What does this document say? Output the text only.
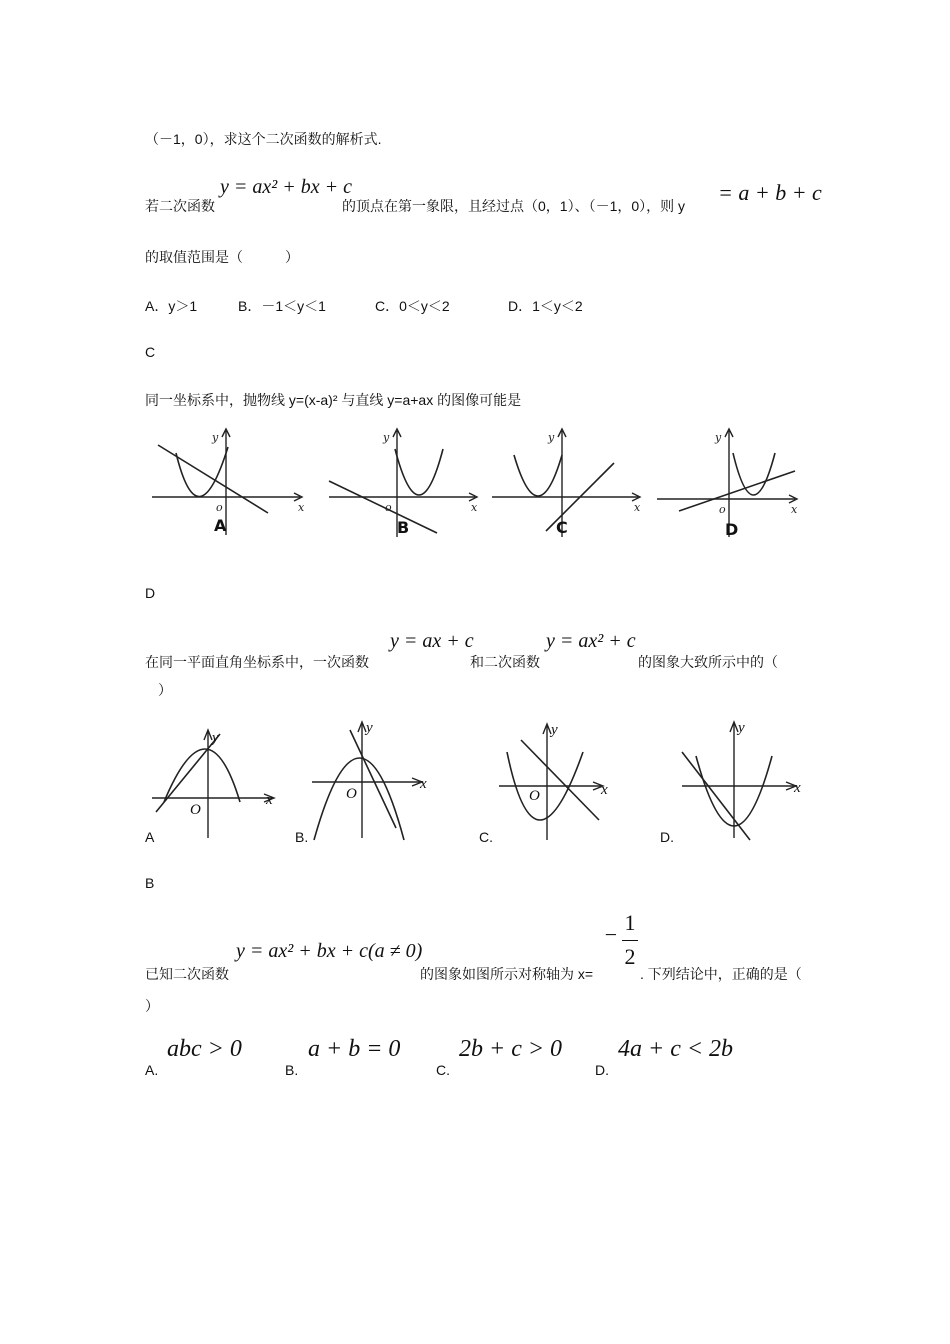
（－1，0），求这个二次函数的解析式.
若二次函数
y = ax² + bx + c
的顶点在第一象限，且经过点（0，1）、（－1，0），则 y
= a + b + c
的取值范围是（　　　）
A．y＞1	B．－1＜y＜1	C．0＜y＜2	D．1＜y＜2
C
同一坐标系中，抛物线 y=(x-a)² 与直线 y=a+ax 的图像可能是
y
o	x
A
y
o	x
B
y
x
C
y
o	x
D
D
在同一平面直角坐标系中，一次函数
y = ax + c
和二次函数
y = ax² + c
的图象大致所示中的（
）
y
O
x
A
y
O
x
B.
y
O	x
C.
y
x
D.
B
已知二次函数
y = ax² + bx + c(a ≠ 0)
的图象如图所示对称轴为 x=
− 1
2
. 下列结论中，正确的是（
）
A.
abc > 0
B.
a + b = 0
C.
2b + c > 0
D.
4a + c < 2b
